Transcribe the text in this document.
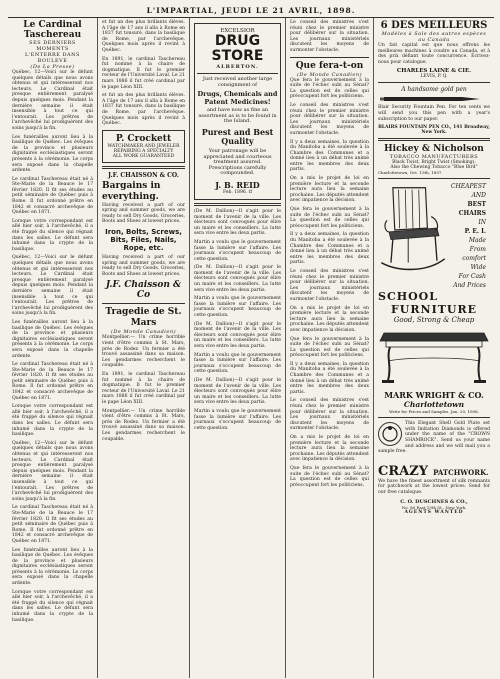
L'IMPARTIAL, JEUDI LE 21 AVRIL, 1898.

Le Cardinal Taschereau
SES DERNIERS MOMENTS
L'ENTERRE DANS BOULEVE
(De La Presse)

Québec, 12—Voici sur le défunt quelques détails que nous avons obtenus et qui intéresseront nos lecteurs. Le Cardinal était presque entièrement paralysé depuis quelques mois. Pendant la dernière semaine il était insensible à tout ce qui l'entourait. Les prêtres de l'archevêché lui prodiguèrent des soins jusqu'à la fin.

Les funérailles auront lieu à la basilique de Québec. Les évêques de la province et plusieurs dignitaires ecclésiastiques seront présents à la cérémonie. Le corps sera exposé dans la chapelle ardente.

Le cardinal Taschereau était né à Ste-Marie de la Beauce le 17 février 1820. Il fit ses études au petit séminaire de Québec puis à Rome. Il fut ordonné prêtre en 1842 et consacré archevêque de Québec en 1871.

Lorsque votre correspondant est allé hier soir, à l'archevêché, il a été frappé du silence qui régnait dans les salles. Le défunt sera inhumé dans la crypte de la basilique.

Québec, 12—Voici sur le défunt quelques détails que nous avons obtenus et qui intéresseront nos lecteurs. Le Cardinal était presque entièrement paralysé depuis quelques mois. Pendant la dernière semaine il était insensible à tout ce qui l'entourait. Les prêtres de l'archevêché lui prodiguèrent des soins jusqu'à la fin.

Les funérailles auront lieu à la basilique de Québec. Les évêques de la province et plusieurs dignitaires ecclésiastiques seront présents à la cérémonie. Le corps sera exposé dans la chapelle ardente.

Le cardinal Taschereau était né à Ste-Marie de la Beauce le 17 février 1820. Il fit ses études au petit séminaire de Québec puis à Rome. Il fut ordonné prêtre en 1842 et consacré archevêque de Québec en 1871.

Lorsque votre correspondant est allé hier soir, à l'archevêché, il a été frappé du silence qui régnait dans les salles. Le défunt sera inhumé dans la crypte de la basilique.

Québec, 12—Voici sur le défunt quelques détails que nous avons obtenus et qui intéresseront nos lecteurs. Le Cardinal était presque entièrement paralysé depuis quelques mois. Pendant la dernière semaine il était insensible à tout ce qui l'entourait. Les prêtres de l'archevêché lui prodiguèrent des soins jusqu'à la fin.

Le cardinal Taschereau était né à Ste-Marie de la Beauce le 17 février 1820. Il fit ses études au petit séminaire de Québec puis à Rome. Il fut ordonné prêtre en 1842 et consacré archevêque de Québec en 1871.

Les funérailles auront lieu à la basilique de Québec. Les évêques de la province et plusieurs dignitaires ecclésiastiques seront présents à la cérémonie. Le corps sera exposé dans la chapelle ardente.

Lorsque votre correspondant est allé hier soir, à l'archevêché, il a été frappé du silence qui régnait dans les salles. Le défunt sera inhumé dans la crypte de la basilique.

et fut un des plus brillants élèves. A l'âge de 17 ans il alla à Rome en 1837 fut tonsuré, dans la basilique de Rome, par l'archevêque. Quelques mois après il revint à Québec.

En 1891, le cardinal Taschereau fut nommé à la chaire de dogmatique. Il fut le premier recteur de l'Université Laval. Le 21 mars 1886 il fut créé cardinal par le pape Léon XIII.

et fut un des plus brillants élèves. A l'âge de 17 ans il alla à Rome en 1837 fut tonsuré, dans la basilique de Rome, par l'archevêque. Quelques mois après il revint à Québec.

P. Crockett
WATCHMAKER AND JEWELER
REPAIRING A SPECIALTY
ALL WORK GUARANTEED
J.F. CHAISSON & CO.
Bargains in everything.

Having received a part of our spring and summer goods, we are ready to sell Dry Goods, Groceries, Boots and Shoes at lowest prices.

Iron, Bolts, Screws, Bits, Files, Nails, Rope, etc.

Having received a part of our spring and summer goods, we are ready to sell Dry Goods, Groceries, Boots and Shoes at lowest prices.

J.F. Chaisson & Co
Tragedie de St. Mars
(De Monde Canadien)

Montpellier.— Un crime horrible vient d'être commis à St. Mars, près de Rodez. Un fermier a été trouvé assassiné dans sa maison. Les gendarmes recherchent le coupable.

En 1891, le cardinal Taschereau fut nommé à la chaire de dogmatique. Il fut le premier recteur de l'Université Laval. Le 21 mars 1886 il fut créé cardinal par le pape Léon XIII.

Montpellier.— Un crime horrible vient d'être commis à St. Mars, près de Rodez. Un fermier a été trouvé assassiné dans sa maison. Les gendarmes recherchent le coupable.

EXCELSIOR
DRUG STORE
ALBERTON.

Just received another large consignment of

Drugs, Chemicals and Patent Medicines!

and have now as fine an assortment as is to be found in the Island.

Purest and Best Quality

Your patronage will be appreciated and courteous treatment assured. Prescriptions carefully compounded.

J. B. REID
Feb. 1896. tf

(De M. Dallion)—Il s'agit pour le moment de l'avenir de la ville. Les électeurs sont convoqués pour élire un maire et les conseillers. La lutte sera vive entre les deux partis.

Martin a voulu que le gouvernement fasse la lumière sur l'affaire. Les journaux s'occupent beaucoup de cette question.

(De M. Dallion)—Il s'agit pour le moment de l'avenir de la ville. Les électeurs sont convoqués pour élire un maire et les conseillers. La lutte sera vive entre les deux partis.

Martin a voulu que le gouvernement fasse la lumière sur l'affaire. Les journaux s'occupent beaucoup de cette question.

(De M. Dallion)—Il s'agit pour le moment de l'avenir de la ville. Les électeurs sont convoqués pour élire un maire et les conseillers. La lutte sera vive entre les deux partis.

Martin a voulu que le gouvernement fasse la lumière sur l'affaire. Les journaux s'occupent beaucoup de cette question.

(De M. Dallion)—Il s'agit pour le moment de l'avenir de la ville. Les électeurs sont convoqués pour élire un maire et les conseillers. La lutte sera vive entre les deux partis.

Martin a voulu que le gouvernement fasse la lumière sur l'affaire. Les journaux s'occupent beaucoup de cette question.

Le conseil des ministres s'est réuni chez le premier ministre pour délibérer sur la situation. Les journaux ministériels discutent les moyens de surmonter l'obstacle.

Que fera-t-on
(De Monde Canadien)

Que fera le gouvernement à la suite de l'échec subi au Sénat? La question est de celles qui préoccupent fort les politiciens.

Le conseil des ministres s'est réuni chez le premier ministre pour délibérer sur la situation. Les journaux ministériels discutent les moyens de surmonter l'obstacle.

Il y a deux semaines, la question du Manitoba a été soulevée à la Chambre des Communes et a donné lieu à un débat très animé entre les membres des deux partis.

On a mis le projet de loi en première lecture et la seconde lecture aura lieu la semaine prochaine. Les députés attendent avec impatience la décision.

Que fera le gouvernement à la suite de l'échec subi au Sénat? La question est de celles qui préoccupent fort les politiciens.

Il y a deux semaines, la question du Manitoba a été soulevée à la Chambre des Communes et a donné lieu à un débat très animé entre les membres des deux partis.

Le conseil des ministres s'est réuni chez le premier ministre pour délibérer sur la situation. Les journaux ministériels discutent les moyens de surmonter l'obstacle.

On a mis le projet de loi en première lecture et la seconde lecture aura lieu la semaine prochaine. Les députés attendent avec impatience la décision.

Que fera le gouvernement à la suite de l'échec subi au Sénat? La question est de celles qui préoccupent fort les politiciens.

Il y a deux semaines, la question du Manitoba a été soulevée à la Chambre des Communes et a donné lieu à un débat très animé entre les membres des deux partis.

Le conseil des ministres s'est réuni chez le premier ministre pour délibérer sur la situation. Les journaux ministériels discutent les moyens de surmonter l'obstacle.

On a mis le projet de loi en première lecture et la seconde lecture aura lieu la semaine prochaine. Les députés attendent avec impatience la décision.

Que fera le gouvernement à la suite de l'échec subi au Sénat? La question est de celles qui préoccupent fort les politiciens.

6 DES MEILLEURS
Modèles à Sale des autres espèces au Canada

Un fait capital est que nous offrons les meilleures machines à coudre au Canada, et à des prix défiant toute concurrence. Écrivez-nous pour catalogue.

CHARLES LAINE & CIE.
LEVIS, P. Q.
A handsome gold pen

Blair Security Fountain Pen. For ten cents we will send you this pen with a year's subscription to our paper.

BLAIRS FOUNTAIN PEN CO., 141 Broadway, New York.
Hickey & Nicholson
TOBACCO MANUFACTURERS
Black Twist, Bright Twist (Smoking).
Also the Chewing Tobacco "Blue Bird"
Charlottetown, Oct. 13th, 1897
CHEAPEST
AND
BEST
CHAIRS
IN
P. E. I.
Made
From comfort
Wide
For Cash
And Prices
SCHOOL
FURNITURE
Good, Strong & Cheap
MARK WRIGHT & CO.
Charlottetown
Write for Prices and Samples. Jan. 20, 1898.

This Elegant Shell Gold Plate set with Imitation Diamonds is offered under the name of the "CROWN SHAMROCK". Send us your name and address and we will mail you a sample free.

CRAZY PATCHWORK.

We have the finest assortment of silk remnants for patchwork at the lowest prices. Send for our free catalogue.

C. O. DUSCHNES & CO.,
No. 80 East 13th St., New York.
AGENTS WANTED
